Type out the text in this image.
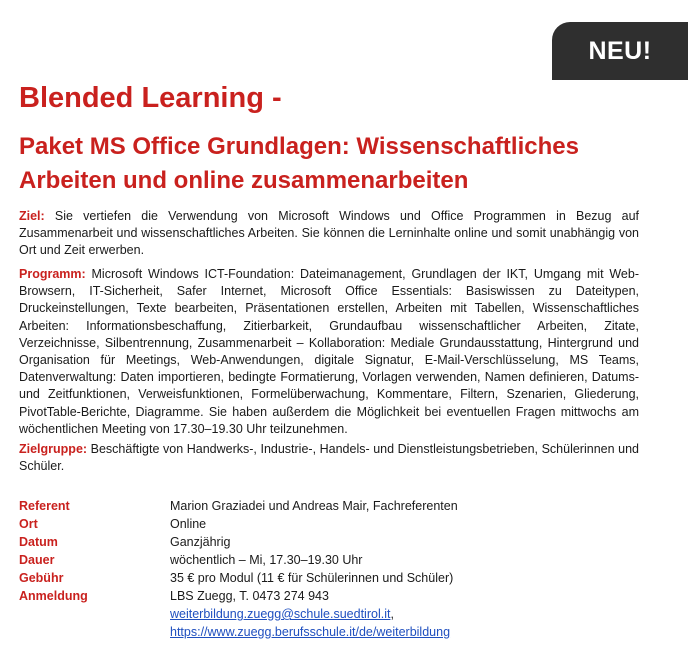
NEU!
Blended Learning -
Paket MS Office Grundlagen: Wissenschaftliches Arbeiten und online zusammenarbeiten

Ziel: Sie vertiefen die Verwendung von Microsoft Windows und Office Programmen in Bezug auf Zusammenarbeit und wissenschaftliches Arbeiten. Sie können die Lerninhalte online und somit unabhängig von Ort und Zeit erwerben.

Programm: Microsoft Windows ICT-Foundation: Dateimanagement, Grundlagen der IKT, Umgang mit Web-Browsern, IT-Sicherheit, Safer Internet, Microsoft Office Essentials: Basiswissen zu Dateitypen, Druckeinstellungen, Texte bearbeiten, Präsentationen erstellen, Arbeiten mit Tabellen, Wissenschaftliches Arbeiten: Informationsbeschaffung, Zitierbarkeit, Grundaufbau wissenschaftlicher Arbeiten, Zitate, Verzeichnisse, Silbentrennung, Zusammenarbeit – Kollaboration: Mediale Grundausstattung, Hintergrund und Organisation für Meetings, Web-Anwendungen, digitale Signatur, E-Mail-Verschlüsselung, MS Teams, Datenverwaltung: Daten importieren, bedingte Formatierung, Vorlagen verwenden, Namen definieren, Datums- und Zeitfunktionen, Verweisfunktionen, Formelüberwachung, Kommentare, Filtern, Szenarien, Gliederung, PivotTable-Berichte, Diagramme. Sie haben außerdem die Möglichkeit bei eventuellen Fragen mittwochs am wöchentlichen Meeting von 17.30–19.30 Uhr teilzunehmen.

Zielgruppe: Beschäftigte von Handwerks-, Industrie-, Handels- und Dienstleistungsbetrieben, Schülerinnen und Schüler.

Referent	Marion Graziadei und Andreas Mair, Fachreferenten
Ort	Online
Datum	Ganzjährig
Dauer	wöchentlich – Mi, 17.30–19.30 Uhr
Gebühr	35 € pro Modul (11 € für Schülerinnen und Schüler)
Anmeldung	LBS Zuegg, T. 0473 274 943
weiterbildung.zuegg@schule.suedtirol.it,
https://www.zuegg.berufsschule.it/de/weiterbildung
